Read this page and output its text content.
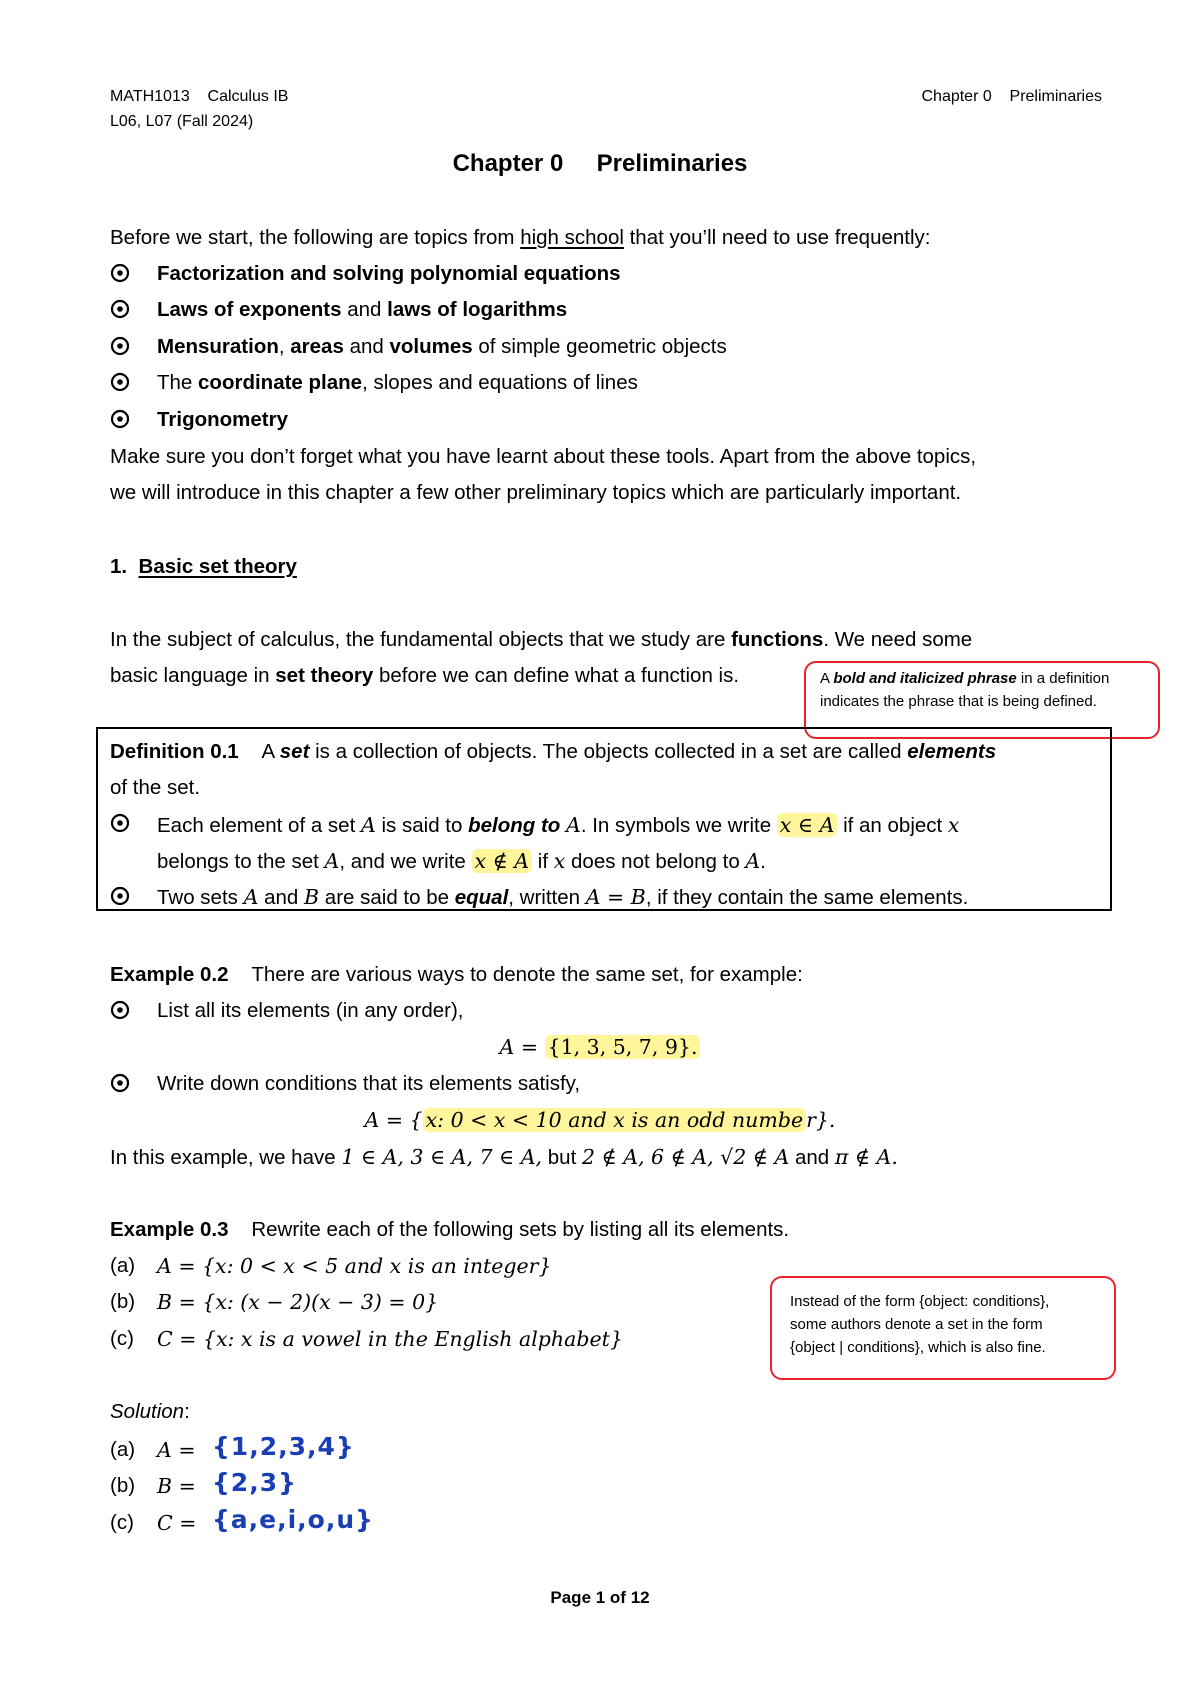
MATH1013 Calculus IB
L06, L07 (Fall 2024)
Chapter 0 Preliminaries
Chapter 0 Preliminaries
Before we start, the following are topics from high school that you’ll need to use frequently:
Factorization and solving polynomial equations
Laws of exponents and laws of logarithms
Mensuration, areas and volumes of simple geometric objects
The coordinate plane, slopes and equations of lines
Trigonometry
Make sure you don’t forget what you have learnt about these tools. Apart from the above topics,
we will introduce in this chapter a few other preliminary topics which are particularly important.
1. Basic set theory
In the subject of calculus, the fundamental objects that we study are functions. We need some
basic language in set theory before we can define what a function is.	A bold and italicized phrase in a definition
indicates the phrase that is being defined.
Definition 0.1 A set is a collection of objects. The objects collected in a set are called elements
of the set.
Each element of a set A is said to belong to A. In symbols we write x ∈ A if an object x
belongs to the set A, and we write x ∉ A if x does not belong to A.
Two sets A and B are said to be equal, written A = B, if they contain the same elements.
Example 0.2 There are various ways to denote the same set, for example:
List all its elements (in any order),
A = {1, 3, 5, 7, 9}.
Write down conditions that its elements satisfy,
A = { x: 0 < x < 10 and x is an odd numbe r}.
In this example, we have 1 ∈ A, 3 ∈ A, 7 ∈ A, but 2 ∉ A, 6 ∉ A, √2 ∉ A and π ∉ A.
Example 0.3 Rewrite each of the following sets by listing all its elements.
(a) A = {x: 0 < x < 5 and x is an integer}
(b) B = {x: (x − 2)(x − 3) = 0}
(c) C = {x: x is a vowel in the English alphabet}
Instead of the form {object: conditions},
some authors denote a set in the form
{object | conditions}, which is also fine.
Solution:
(a) A = {1,2,3,4}
(b) B = {2,3}
(c) C = {a,e,i,o,u}
Page 1 of 12
